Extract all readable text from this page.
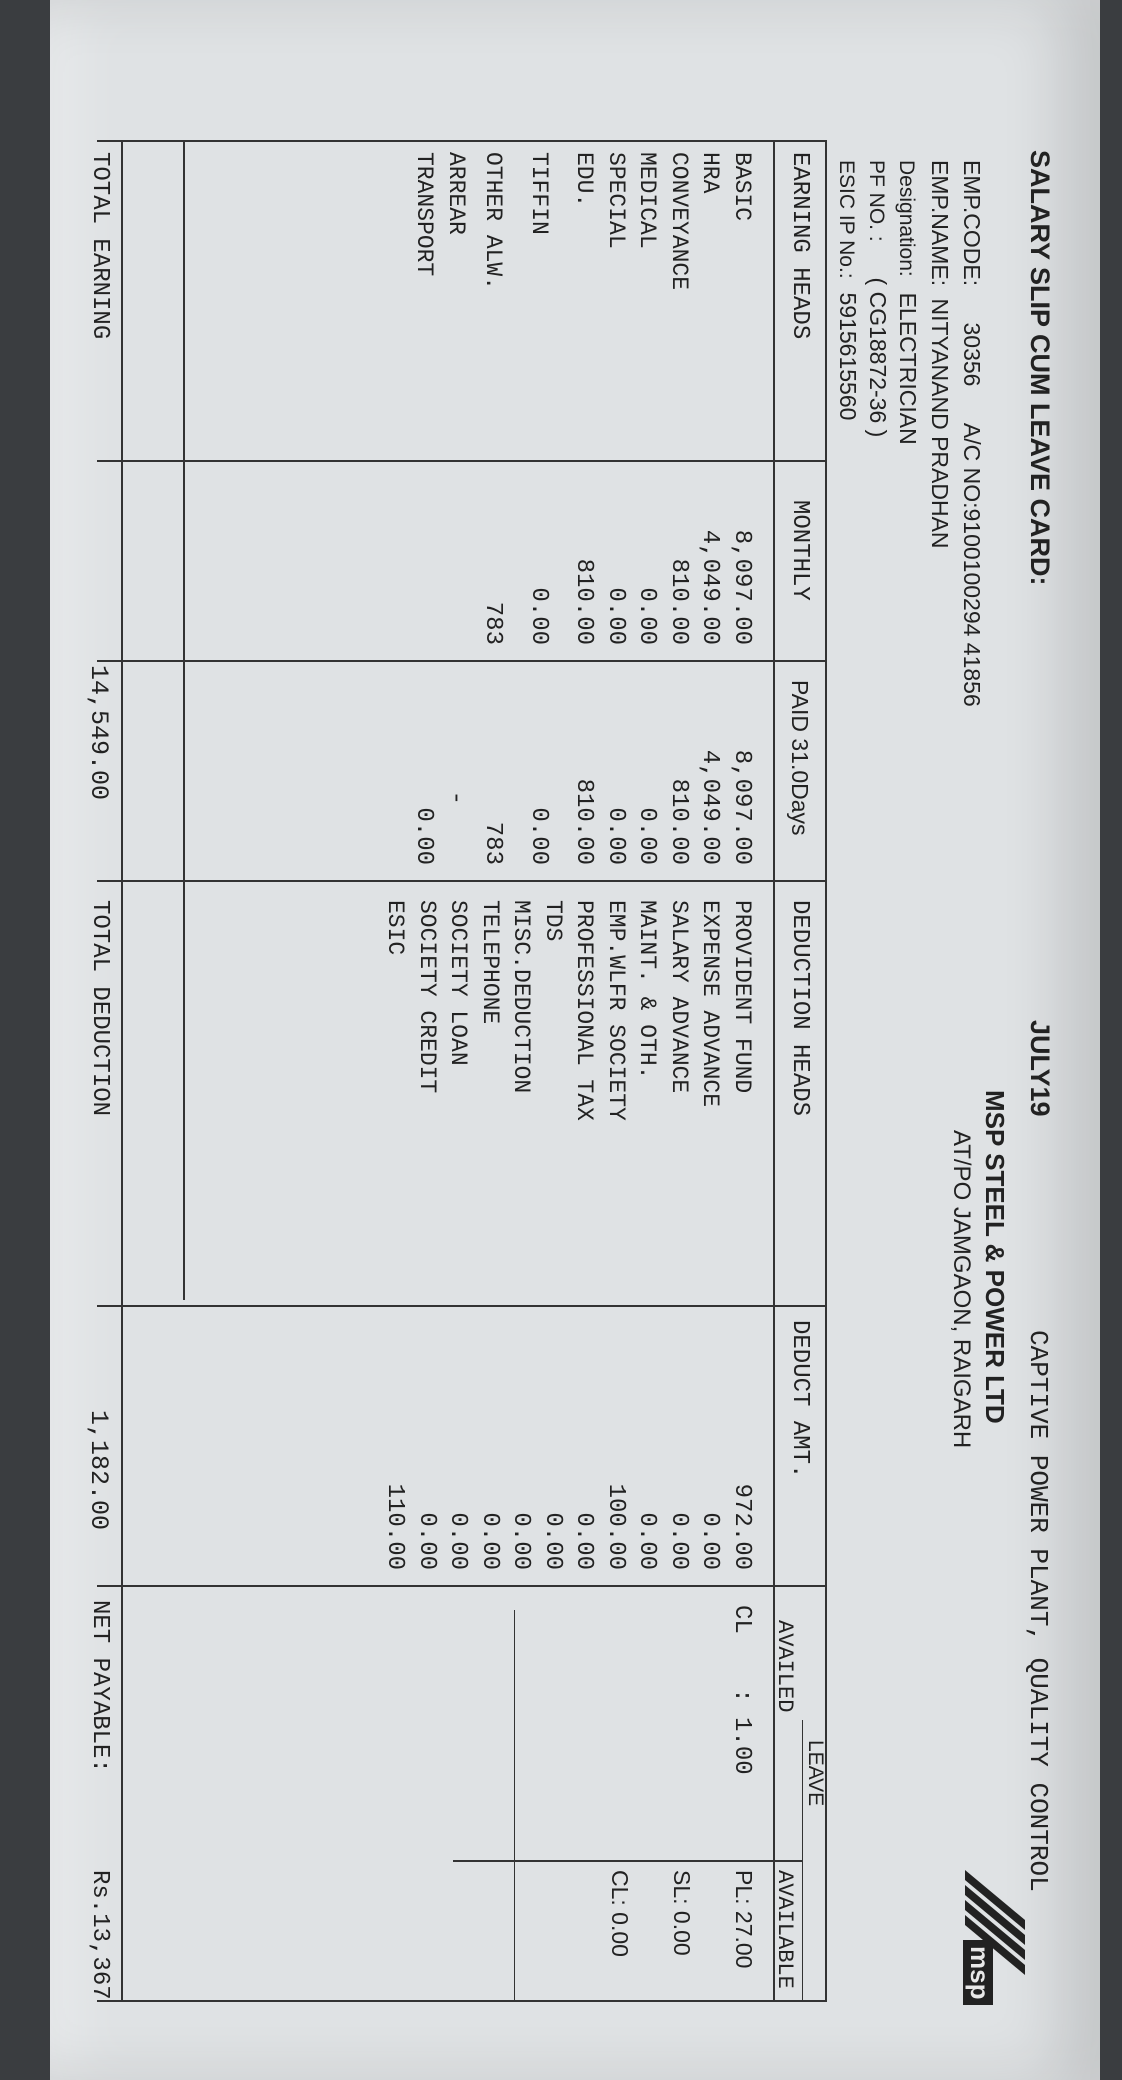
SALARY SLIP CUM LEAVE CARD:
JULY19
CAPTIVE POWER PLANT, QUALITY CONTROL
MSP STEEL & POWER LTD
AT/PO JAMGAON, RAIGARH
msp
EMP.CODE: 30356 A/C NO:9100100294 41856
EMP.NAME: NITYANAND PRADHAN
Designation: ELECTRICIAN
PF NO. : ( CG18872-36 )
ESIC IP No.: 5915615560
EARNING HEADS
MONTHLY
PAID 31.0Days
DEDUCTION HEADS
DEDUCT AMT.
LEAVE
AVAILED
AVAILABLE
BASIC
HRA
CONVEYANCE
MEDICAL
SPECIAL
EDU.
TIFFIN
OTHER ALW.
ARREAR
TRANSPORT
8,097.00
4,049.00
810.00
0.00
0.00
810.00
0.00
783
8,097.00
4,049.00
810.00
0.00
0.00
810.00
0.00
783
-
0.00
PROVIDENT FUND
EXPENSE ADVANCE
SALARY ADVANCE
MAINT. & OTH.
EMP.WLFR SOCIETY
PROFESSIONAL TAX
TDS
MISC.DEDUCTION
TELEPHONE
SOCIETY LOAN
SOCIETY CREDIT
ESIC
972.00
0.00
0.00
0.00
100.00
0.00
0.00
0.00
0.00
0.00
0.00
110.00
CL : 1.00
PL: 27.00
SL: 0.00
CL: 0.00
TOTAL EARNING
14,549.00
TOTAL DEDUCTION
1,182.00
NET PAYABLE:
Rs.13,367
